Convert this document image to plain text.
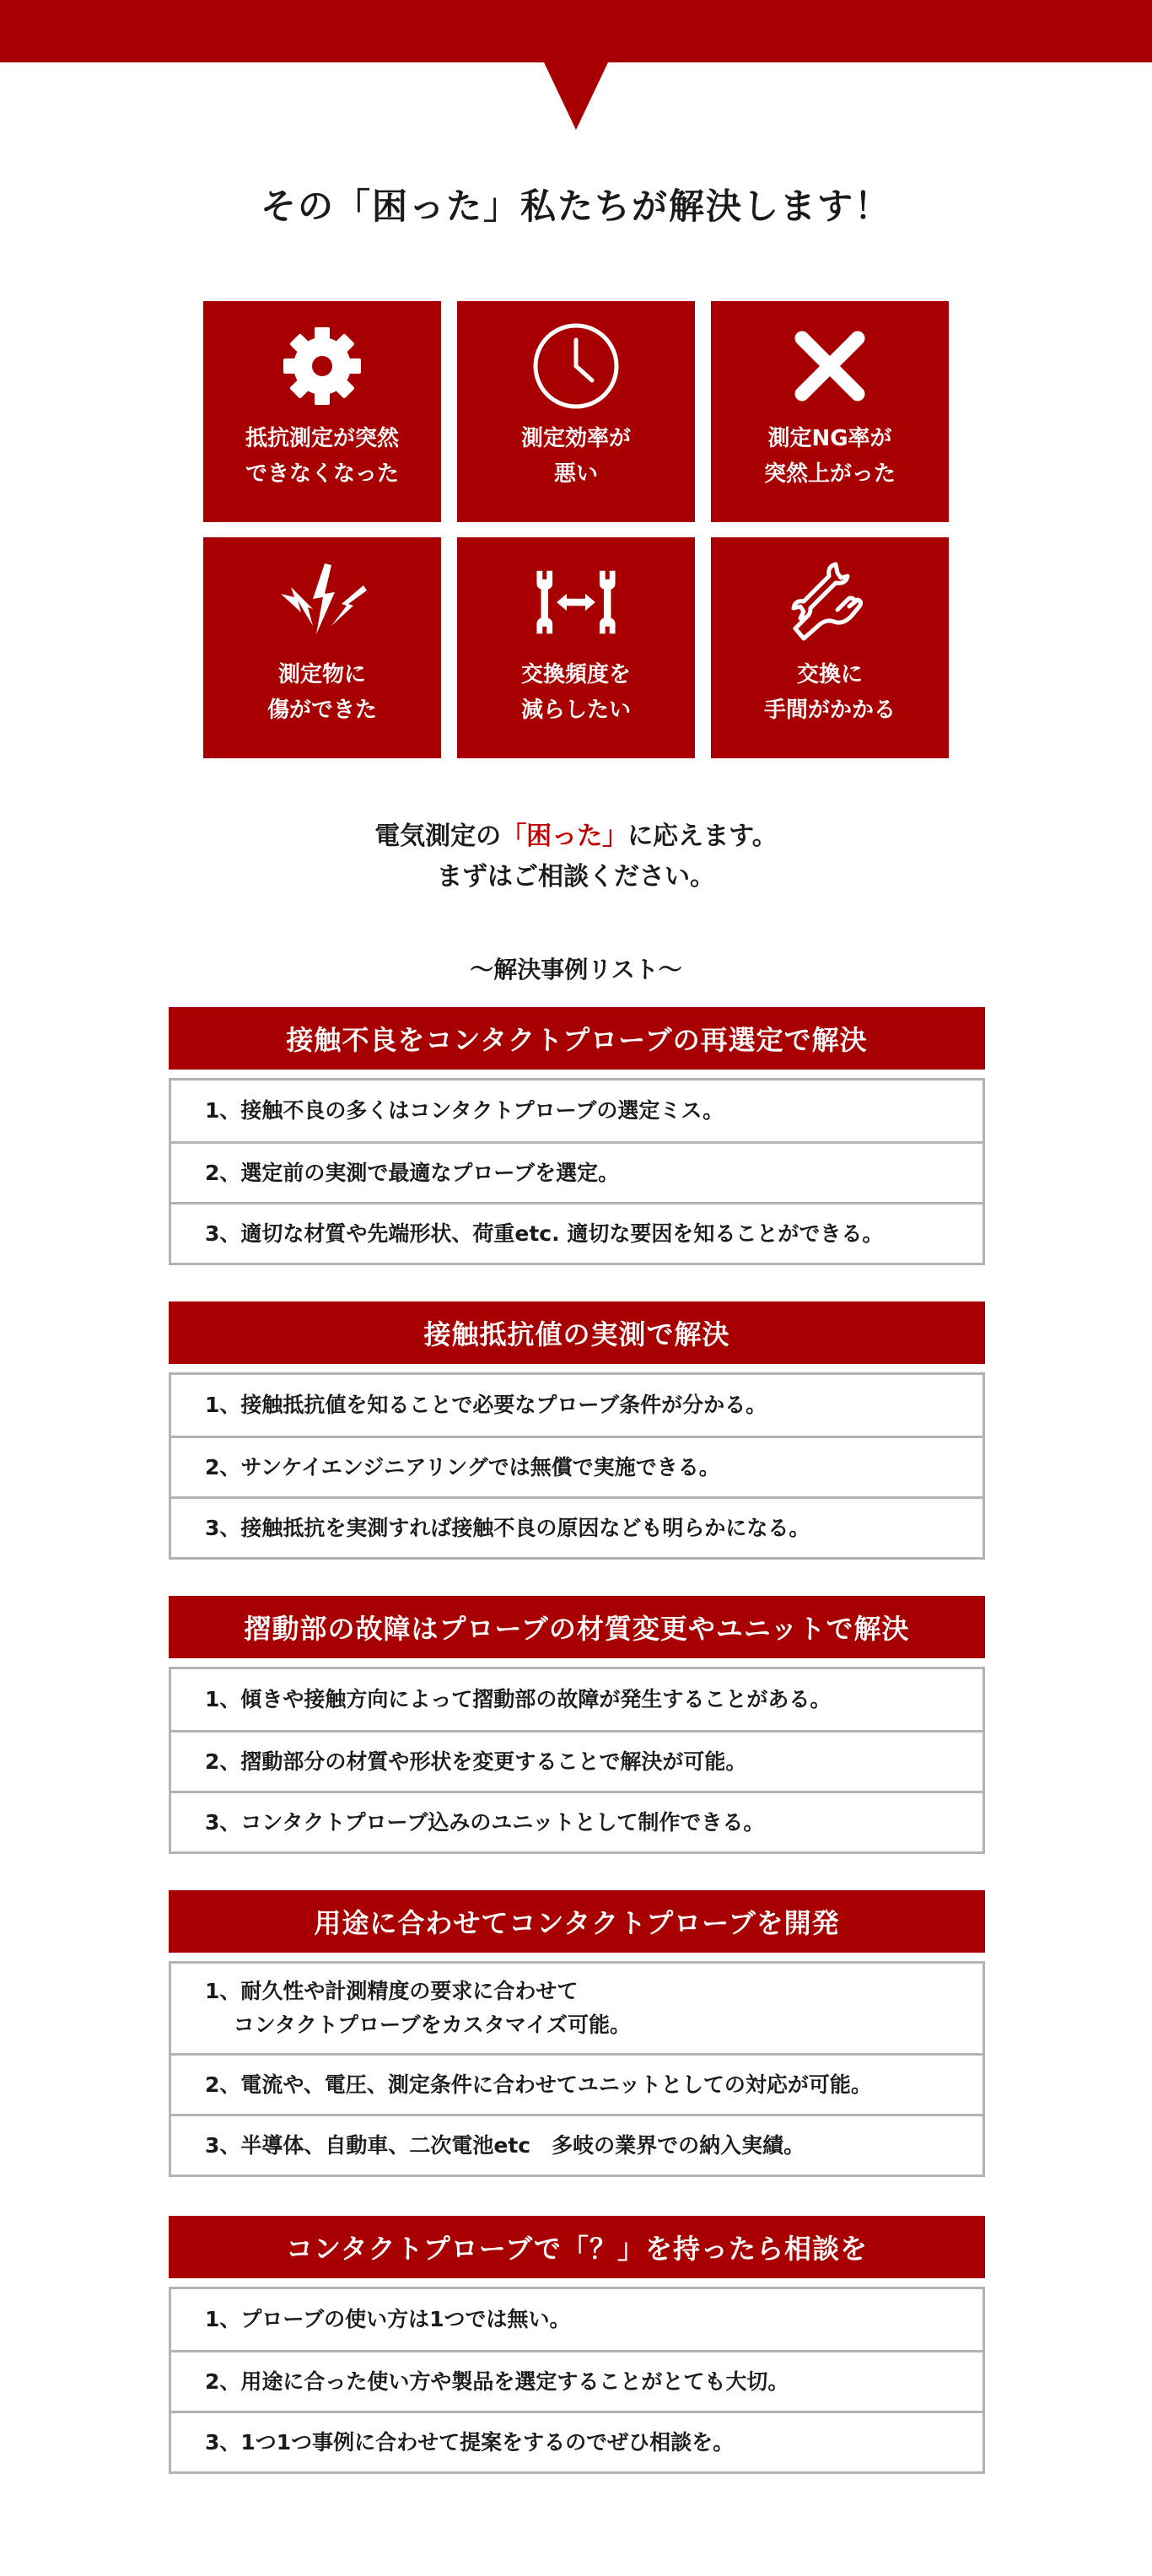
その「困った」私たちが解決します！
抵抗測定が突然
できなくなった
測定効率が
悪い
測定NG率が
突然上がった
測定物に
傷ができた
交換頻度を
減らしたい
交換に
手間がかかる
電気測定の「困った」に応えます。
まずはご相談ください。
〜解決事例リスト〜
接触不良をコンタクトプローブの再選定で解決
1、接触不良の多くはコンタクトプローブの選定ミス。
2、選定前の実測で最適なプローブを選定。
3、適切な材質や先端形状、荷重etc. 適切な要因を知ることができる。
接触抵抗値の実測で解決
1、接触抵抗値を知ることで必要なプローブ条件が分かる。
2、サンケイエンジニアリングでは無償で実施できる。
3、接触抵抗を実測すれば接触不良の原因なども明らかになる。
摺動部の故障はプローブの材質変更やユニットで解決
1、傾きや接触方向によって摺動部の故障が発生することがある。
2、摺動部分の材質や形状を変更することで解決が可能。
3、コンタクトプローブ込みのユニットとして制作できる。
用途に合わせてコンタクトプローブを開発
1、耐久性や計測精度の要求に合わせて
　 コンタクトプローブをカスタマイズ可能。
2、電流や、電圧、測定条件に合わせてユニットとしての対応が可能。
3、半導体、自動車、二次電池etc　多岐の業界での納入実績。
コンタクトプローブで「？」を持ったら相談を
1、プローブの使い方は1つでは無い。
2、用途に合った使い方や製品を選定することがとても大切。
3、1つ1つ事例に合わせて提案をするのでぜひ相談を。
